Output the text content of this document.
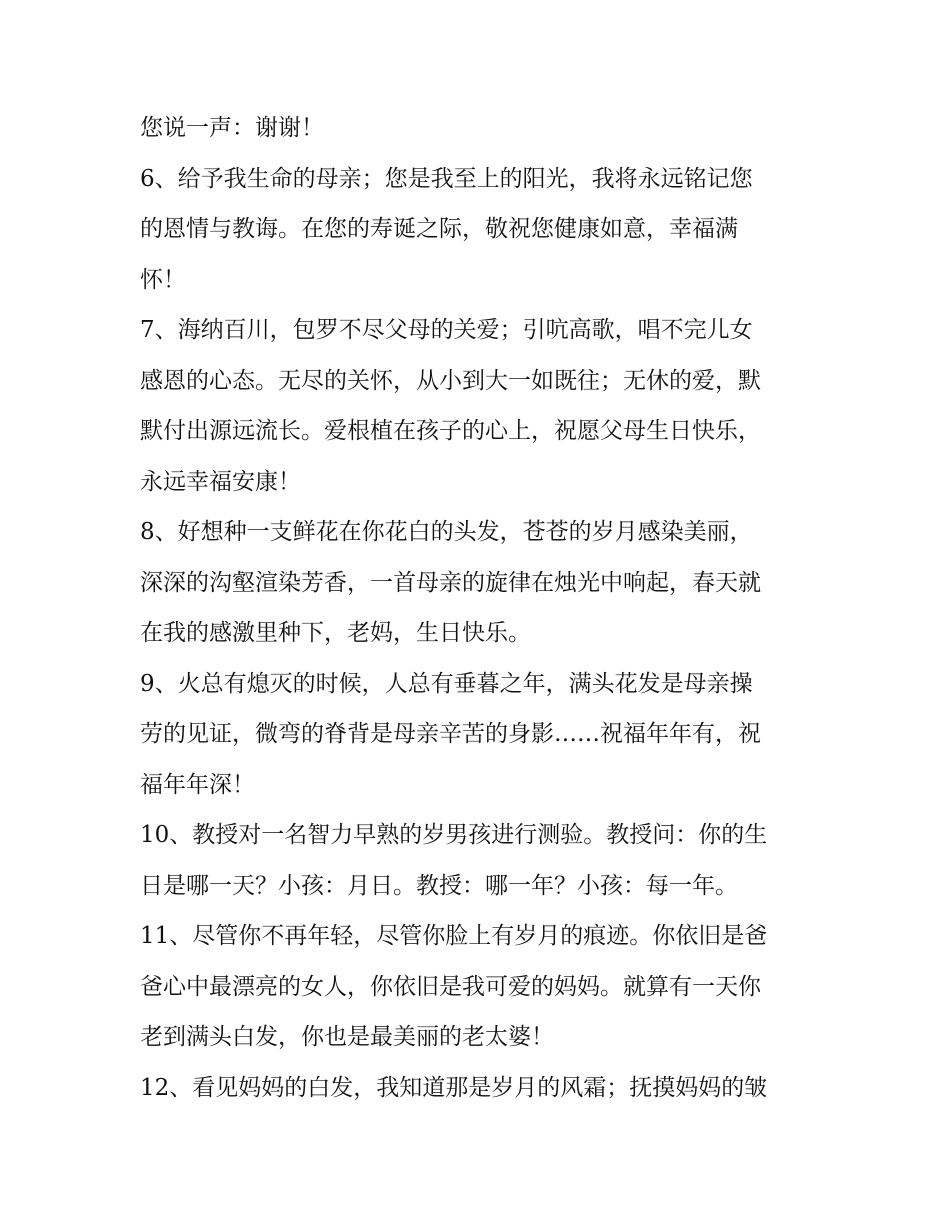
您说一声：谢谢！
6、给予我生命的母亲；您是我至上的阳光，我将永远铭记您
的恩情与教诲。在您的寿诞之际，敬祝您健康如意，幸福满
怀！
7、海纳百川，包罗不尽父母的关爱；引吭高歌，唱不完儿女
感恩的心态。无尽的关怀，从小到大一如既往；无休的爱，默
默付出源远流长。爱根植在孩子的心上，祝愿父母生日快乐，
永远幸福安康！
8、好想种一支鲜花在你花白的头发，苍苍的岁月感染美丽，
深深的沟壑渲染芳香，一首母亲的旋律在烛光中响起，春天就
在我的感激里种下，老妈，生日快乐。
9、火总有熄灭的时候，人总有垂暮之年，满头花发是母亲操
劳的见证，微弯的脊背是母亲辛苦的身影……祝福年年有，祝
福年年深！
10、教授对一名智力早熟的岁男孩进行测验。教授问：你的生
日是哪一天？小孩：月日。教授：哪一年？小孩：每一年。
11、尽管你不再年轻，尽管你脸上有岁月的痕迹。你依旧是爸
爸心中最漂亮的女人，你依旧是我可爱的妈妈。就算有一天你
老到满头白发，你也是最美丽的老太婆！
12、看见妈妈的白发，我知道那是岁月的风霜；抚摸妈妈的皱
